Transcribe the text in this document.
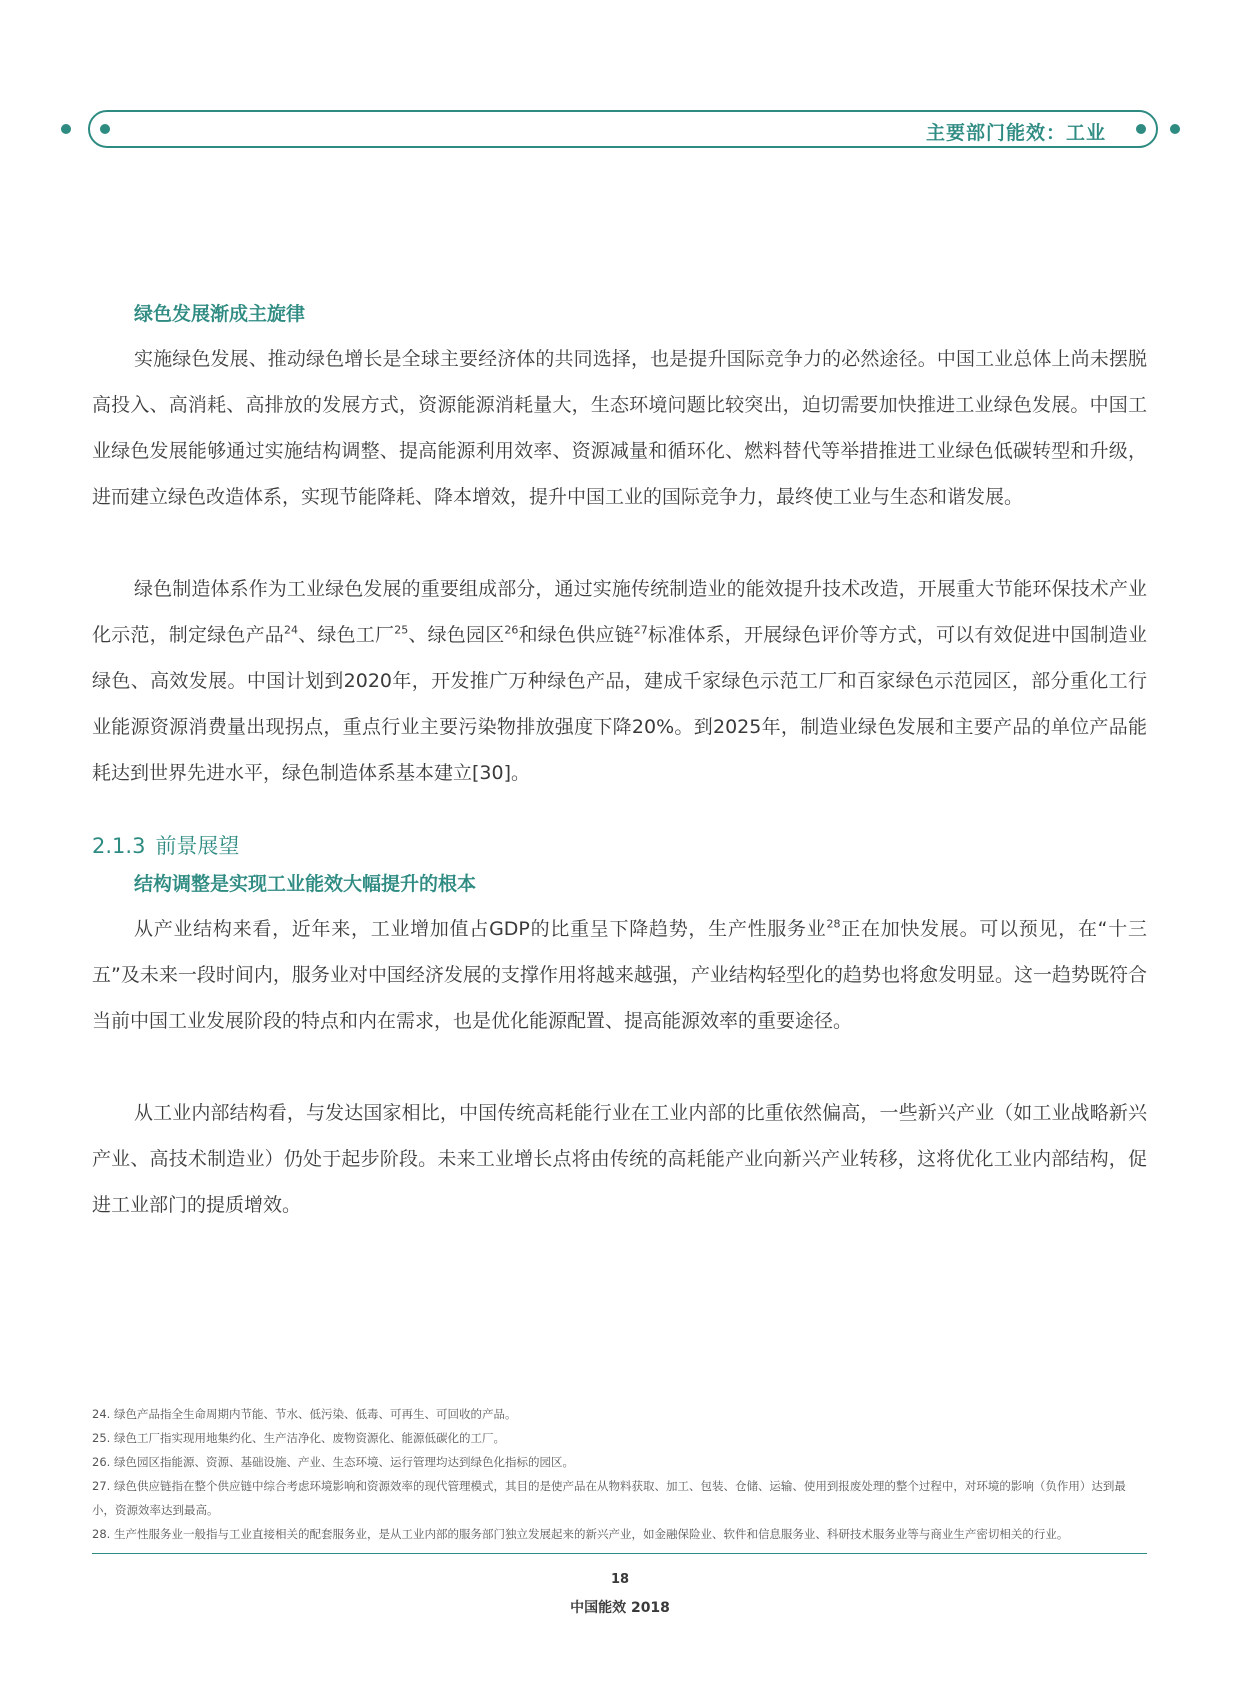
主要部门能效：工业
绿色发展渐成主旋律

实施绿色发展、推动绿色增长是全球主要经济体的共同选择，也是提升国际竞争力的必然途径。中国工业总体上尚未摆脱高投入、高消耗、高排放的发展方式，资源能源消耗量大，生态环境问题比较突出，迫切需要加快推进工业绿色发展。中国工业绿色发展能够通过实施结构调整、提高能源利用效率、资源减量和循环化、燃料替代等举措推进工业绿色低碳转型和升级，进而建立绿色改造体系，实现节能降耗、降本增效，提升中国工业的国际竞争力，最终使工业与生态和谐发展。

绿色制造体系作为工业绿色发展的重要组成部分，通过实施传统制造业的能效提升技术改造，开展重大节能环保技术产业化示范，制定绿色产品$^{24}$、绿色工厂$^{25}$、绿色园区$^{26}$和绿色供应链$^{27}$标准体系，开展绿色评价等方式，可以有效促进中国制造业绿色、高效发展。中国计划到2020年，开发推广万种绿色产品，建成千家绿色示范工厂和百家绿色示范园区，部分重化工行业能源资源消费量出现拐点，重点行业主要污染物排放强度下降20%。到2025年，制造业绿色发展和主要产品的单位产品能耗达到世界先进水平，绿色制造体系基本建立[30]。

2.1.3 前景展望
结构调整是实现工业能效大幅提升的根本

从产业结构来看，近年来，工业增加值占GDP的比重呈下降趋势，生产性服务业$^{28}$正在加快发展。可以预见，在“十三五”及未来一段时间内，服务业对中国经济发展的支撑作用将越来越强，产业结构轻型化的趋势也将愈发明显。这一趋势既符合当前中国工业发展阶段的特点和内在需求，也是优化能源配置、提高能源效率的重要途径。

从工业内部结构看，与发达国家相比，中国传统高耗能行业在工业内部的比重依然偏高，一些新兴产业（如工业战略新兴产业、高技术制造业）仍处于起步阶段。未来工业增长点将由传统的高耗能产业向新兴产业转移，这将优化工业内部结构，促进工业部门的提质增效。

24. 绿色产品指全生命周期内节能、节水、低污染、低毒、可再生、可回收的产品。

25. 绿色工厂指实现用地集约化、生产洁净化、废物资源化、能源低碳化的工厂。

26. 绿色园区指能源、资源、基础设施、产业、生态环境、运行管理均达到绿色化指标的园区。

27. 绿色供应链指在整个供应链中综合考虑环境影响和资源效率的现代管理模式，其目的是使产品在从物料获取、加工、包装、仓储、运输、使用到报废处理的整个过程中，对环境的影响（负作用）达到最小，资源效率达到最高。

28. 生产性服务业一般指与工业直接相关的配套服务业，是从工业内部的服务部门独立发展起来的新兴产业，如金融保险业、软件和信息服务业、科研技术服务业等与商业生产密切相关的行业。

18
中国能效 2018
